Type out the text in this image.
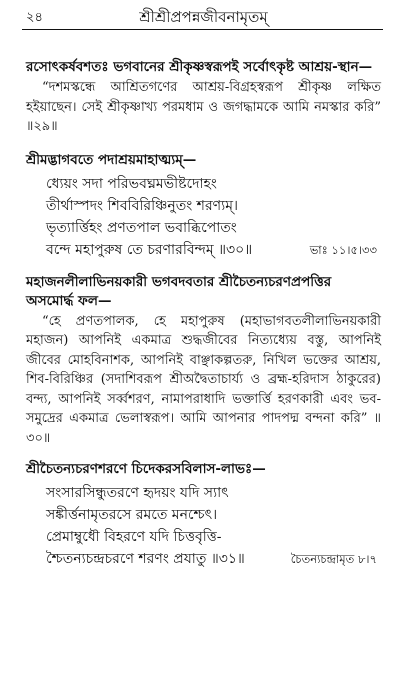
২৪	শ্রীশ্রীপ্রপন্নজীবনামৃতম্

রসোৎকর্ষবশতঃ ভগবানের শ্রীকৃষ্ণস্বরূপই সর্বোৎকৃষ্ট আশ্রয়-স্থান—

“দশমস্কন্ধে আশ্রিতগণের আশ্রয়-বিগ্রহস্বরূপ শ্রীকৃষ্ণ লক্ষিত হইয়াছেন। সেই শ্রীকৃষ্ণাখ্য পরমধাম ও জগদ্ধামকে আমি নমস্কার করি” ॥২৯॥

শ্রীমদ্ভাগবতে পদাশ্রয়মাহাত্ম্যম্—

ধ্যেয়ং সদা পরিভবঘ্নমভীষ্টদোহং
তীর্থাস্পদং শিববিরিঞ্চিনুতং শরণ্যম্।
ভৃত্যার্ত্তিহং প্রণতপাল ভবাব্ধিপোতং
বন্দে মহাপুরুষ তে চরণারবিন্দম্ ॥৩০॥	ভাঃ ১১।৫।৩৩

মহাজনলীলাভিনয়কারী ভগবদবতার শ্রীচৈতন্যচরণপ্রপত্তির অসমোর্দ্ধ ফল—

“হে প্রণতপালক, হে মহাপুরুষ (মহাভাগবতলীলাভিনয়কারী মহাজন) আপনিই একমাত্র শুদ্ধজীবের নিত্যধ্যেয় বস্তু, আপনিই জীবের মোহবিনাশক, আপনিই বাঞ্ছাকল্পতরু, নিখিল ভক্তের আশ্রয়, শিব-বিরিঞ্চির (সদাশিবরূপ শ্রীঅদ্বৈতাচার্য্য ও ব্রহ্ম-হরিদাস ঠাকুরের) বন্দ্য, আপনিই সর্ব্বশরণ, নামাপরাধাদি ভক্তার্ত্তি হরণকারী এবং ভব-সমুদ্রের একমাত্র ভেলাস্বরূপ। আমি আপনার পাদপদ্ম বন্দনা করি” ॥৩০॥

শ্রীচৈতন্যচরণশরণে চিদেকরসবিলাস-লাভঃ—

সংসারসিন্ধুতরণে হৃদয়ং যদি স্যাৎ
সঙ্কীর্ত্তনামৃতরসে রমতে মনশ্চেৎ।
প্রেমাম্বুধৌ বিহরণে যদি চিত্তবৃত্তি-
শ্চৈতন্যচন্দ্রচরণে শরণং প্রযাতু ॥৩১॥	চৈতন্যচন্দ্রামৃত ৮।৭
